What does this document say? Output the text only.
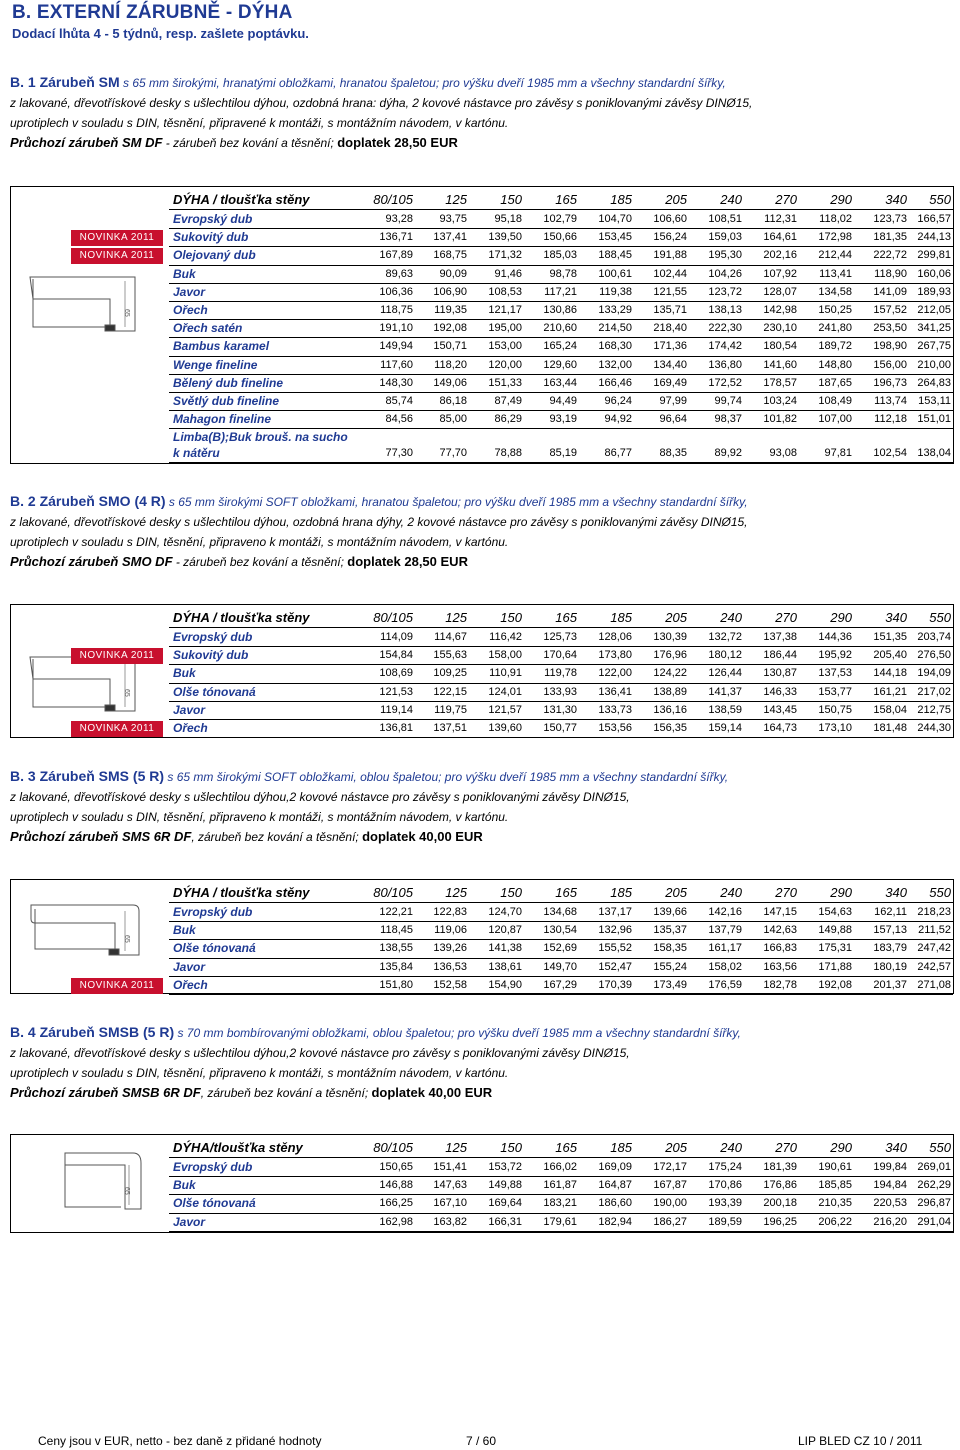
B. EXTERNÍ ZÁRUBNĚ - DÝHA
Dodací lhůta 4 - 5 týdnů, resp. zašlete poptávku.
B. 1 Zárubeň SM s 65 mm širokými, hranatými obložkami, hranatou špaletou; pro výšku dveří 1985 mm a všechny standardní šířky,
z lakované, dřevotřískové desky s ušlechtilou dýhou, ozdobná hrana: dýha, 2 kovové nástavce pro závěsy s poniklovanými závěsy DINØ15,
uprotiplech v souladu s DIN, těsnění, připravené k montáži, s montážním návodem, v kartónu.
Průchozí zárubeň SM DF - zárubeň bez kování a těsnění; doplatek 28,50 EUR
65
DÝHA / tloušťka stěny	80/105	125	150	165	185	205	240	270	290	340	550
Evropský dub	93,28	93,75	95,18	102,79	104,70	106,60	108,51	112,31	118,02	123,73 166,57
Sukovitý dub	136,71	137,41	139,50	150,66	153,45	156,24	159,03	164,61	172,98	181,35 244,13
NOVINKA 2011
Olejovaný dub	167,89	168,75	171,32	185,03	188,45	191,88	195,30	202,16	212,44	222,72 299,81
NOVINKA 2011
Buk	89,63	90,09	91,46	98,78	100,61	102,44	104,26	107,92	113,41	118,90 160,06
Javor	106,36	106,90	108,53	117,21	119,38	121,55	123,72	128,07	134,58	141,09 189,93
Ořech	118,75	119,35	121,17	130,86	133,29	135,71	138,13	142,98	150,25	157,52 212,05
Ořech satén	191,10	192,08	195,00	210,60	214,50	218,40	222,30	230,10	241,80	253,50 341,25
Bambus karamel	149,94	150,71	153,00	165,24	168,30	171,36	174,42	180,54	189,72	198,90 267,75
Wenge fineline	117,60	118,20	120,00	129,60	132,00	134,40	136,80	141,60	148,80	156,00 210,00
Bělený dub fineline	148,30	149,06	151,33	163,44	166,46	169,49	172,52	178,57	187,65	196,73 264,83
Světlý dub fineline	85,74	86,18	87,49	94,49	96,24	97,99	99,74	103,24	108,49	113,74	153,11
Mahagon fineline	84,56	85,00	86,29	93,19	94,92	96,64	98,37	101,82	107,00	112,18 151,01
Limba(B);Buk brouš. na sucho
k nátěru	77,30	77,70	78,88	85,19	86,77	88,35	89,92	93,08	97,81	102,54 138,04
B. 2 Zárubeň SMO (4 R) s 65 mm širokými SOFT obložkami, hranatou špaletou; pro výšku dveří 1985 mm a všechny standardní šířky,
z lakované, dřevotřískové desky s ušlechtilou dýhou, ozdobná hrana dýhy, 2 kovové nástavce pro závěsy s poniklovanými závěsy DINØ15,
uprotiplech v souladu s DIN, těsnění, připraveno k montáži, s montážním návodem, v kartónu.
Průchozí zárubeň SMO DF - zárubeň bez kování a těsnění; doplatek 28,50 EUR
65
DÝHA / tloušťka stěny	80/105	125	150	165	185	205	240	270	290	340	550
Evropský dub	114,09	114,67	116,42	125,73	128,06	130,39	132,72	137,38	144,36	151,35 203,74
Sukovitý dub	154,84	155,63	158,00	170,64	173,80	176,96	180,12	186,44	195,92	205,40 276,50
NOVINKA 2011
Buk	108,69	109,25	110,91	119,78	122,00	124,22	126,44	130,87	137,53	144,18 194,09
Olše tónovaná	121,53	122,15	124,01	133,93	136,41	138,89	141,37	146,33	153,77	161,21 217,02
Javor	119,14	119,75	121,57	131,30	133,73	136,16	138,59	143,45	150,75	158,04 212,75
Ořech	136,81	137,51	139,60	150,77	153,56	156,35	159,14	164,73	173,10	181,48 244,30
NOVINKA 2011
B. 3 Zárubeň SMS (5 R) s 65 mm širokými SOFT obložkami, oblou špaletou; pro výšku dveří 1985 mm a všechny standardní šířky,
z lakované, dřevotřískové desky s ušlechtilou dýhou,2 kovové nástavce pro závěsy s poniklovanými závěsy DINØ15,
uprotiplech v souladu s DIN, těsnění, připraveno k montáži, s montážním návodem, v kartónu.
Průchozí zárubeň SMS 6R DF, zárubeň bez kování a těsnění; doplatek 40,00 EUR
65
DÝHA / tloušťka stěny	80/105	125	150	165	185	205	240	270	290	340	550
Evropský dub	122,21	122,83	124,70	134,68	137,17	139,66	142,16	147,15	154,63	162,11 218,23
Buk	118,45	119,06	120,87	130,54	132,96	135,37	137,79	142,63	149,88	157,13	211,52
Olše tónovaná	138,55	139,26	141,38	152,69	155,52	158,35	161,17	166,83	175,31	183,79 247,42
Javor	135,84	136,53	138,61	149,70	152,47	155,24	158,02	163,56	171,88	180,19 242,57
Ořech	151,80	152,58	154,90	167,29	170,39	173,49	176,59	182,78	192,08	201,37 271,08
NOVINKA 2011
B. 4 Zárubeň SMSB (5 R) s 70 mm bombírovanými obložkami, oblou špaletou; pro výšku dveří 1985 mm a všechny standardní šířky,
z lakované, dřevotřískové desky s ušlechtilou dýhou,2 kovové nástavce pro závěsy s poniklovanými závěsy DINØ15,
uprotiplech v souladu s DIN, těsnění, připraveno k montáži, s montážním návodem, v kartónu.
Průchozí zárubeň SMSB 6R DF, zárubeň bez kování a těsnění; doplatek 40,00 EUR
65
DÝHA/tloušťka stěny	80/105	125	150	165	185	205	240	270	290	340	550
Evropský dub	150,65	151,41	153,72	166,02	169,09	172,17	175,24	181,39	190,61	199,84 269,01
Buk	146,88	147,63	149,88	161,87	164,87	167,87	170,86	176,86	185,85	194,84 262,29
Olše tónovaná	166,25	167,10	169,64	183,21	186,60	190,00	193,39	200,18	210,35	220,53 296,87
Javor	162,98	163,82	166,31	179,61	182,94	186,27	189,59	196,25	206,22	216,20 291,04
Ceny jsou v EUR, netto - bez daně z přidané hodnoty	7 / 60	LIP BLED CZ 10 / 2011
